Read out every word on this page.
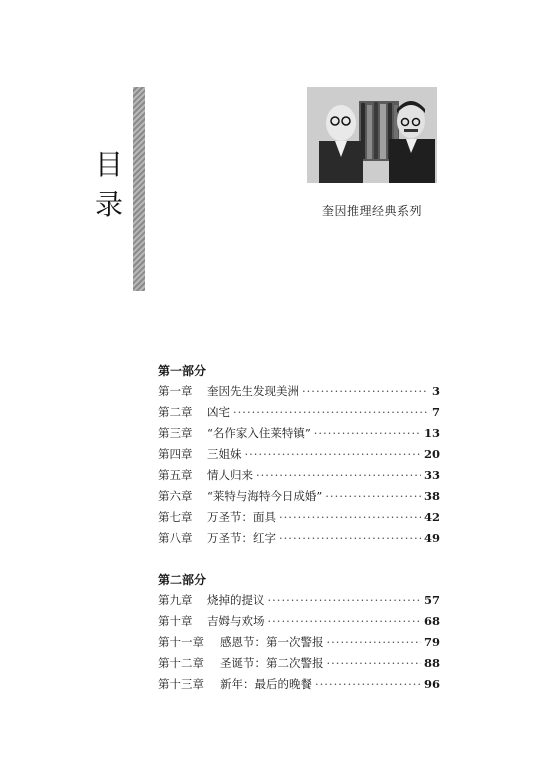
目
录	奎因推理经典系列
第一部分
第一章	奎因先生发现美洲 ·····	3
第二章	凶宅 ·····	7
第三章	“名作家入住莱特镇” ·····	13
第四章	三姐妹 ·····	20
第五章	情人归来 ·····	33
第六章	“莱特与海特今日成婚” ·····	38
第七章	万圣节：面具 ·····	42
第八章	万圣节：红字 ·····	49
第二部分
第九章	烧掉的提议 ·····	57
第十章	吉姆与欢场 ·····	68
第十一章	感恩节：第一次警报 ·····	79
第十二章	圣诞节：第二次警报 ·····	88
第十三章	新年：最后的晚餐 ·····	96
